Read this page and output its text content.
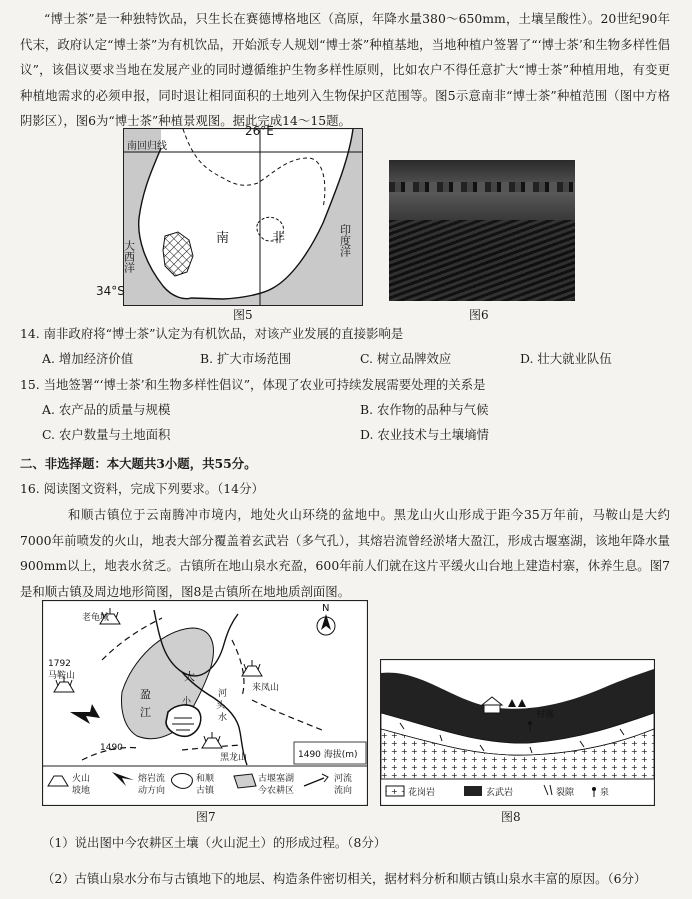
“博士茶”是一种独特饮品，只生长在赛德博格地区（高原，年降水量380～650mm，土壤呈酸性）。20世纪90年代末，政府认定“博士茶”为有机饮品，开始派专人规划“博士茶”种植基地，当地种植户签署了“‘博士茶’和生物多样性倡议”，该倡议要求当地在发展产业的同时遵循维护生物多样性原则，比如农户不得任意扩大“博士茶”种植用地，有变更种植地需求的必须申报，同时退让相同面积的土地列入生物保护区范围等。图5示意南非“博士茶”种植范围（图中方格阴影区），图6为“博士茶”种植景观图。据此完成14～15题。
南回归线
南	非
大西洋	印度洋
26°E
34°S
图5	图6
14. 南非政府将“博士茶”认定为有机饮品，对该产业发展的直接影响是
A. 增加经济价值	B. 扩大市场范围	C. 树立品牌效应	D. 壮大就业队伍
15. 当地签署“‘博士茶’和生物多样性倡议”，体现了农业可持续发展需要处理的关系是
A. 农产品的质量与规模	B. 农作物的品种与气候
C. 农户数量与土地面积	D. 农业技术与土壤墒情
二、非选择题：本大题共3小题，共55分。
16. 阅读图文资料，完成下列要求。（14分）
和顺古镇位于云南腾冲市境内，地处火山环绕的盆地中。黑龙山火山形成于距今35万年前，马鞍山是大约7000年前喷发的火山，地表大部分覆盖着玄武岩（多气孔），其熔岩流曾经淤堵大盈江，形成古堰塞湖，该地年降水量900mm以上，地表水贫乏。古镇所在地山泉水充盈，600年前人们就在这片平缓火山台地上建造村寨，休养生息。图7是和顺古镇及周边地形简图，图8是古镇所在地地质剖面图。
N
老龟城
1792
马鞍山
1490
来凤山
黑龙山
大
盈
江
小
河
头
水
1490 海拔(m)
火山
坡地
熔岩流
动方向
和顺
古镇
古堰塞湖
今农耕区
河流
流向
图7
村落
花岗岩	玄武岩	裂隙	泉
图8
（1）说出图中今农耕区土壤（火山泥土）的形成过程。（8分）
（2）古镇山泉水分布与古镇地下的地层、构造条件密切相关，据材料分析和顺古镇山泉水丰富的原因。（6分）
